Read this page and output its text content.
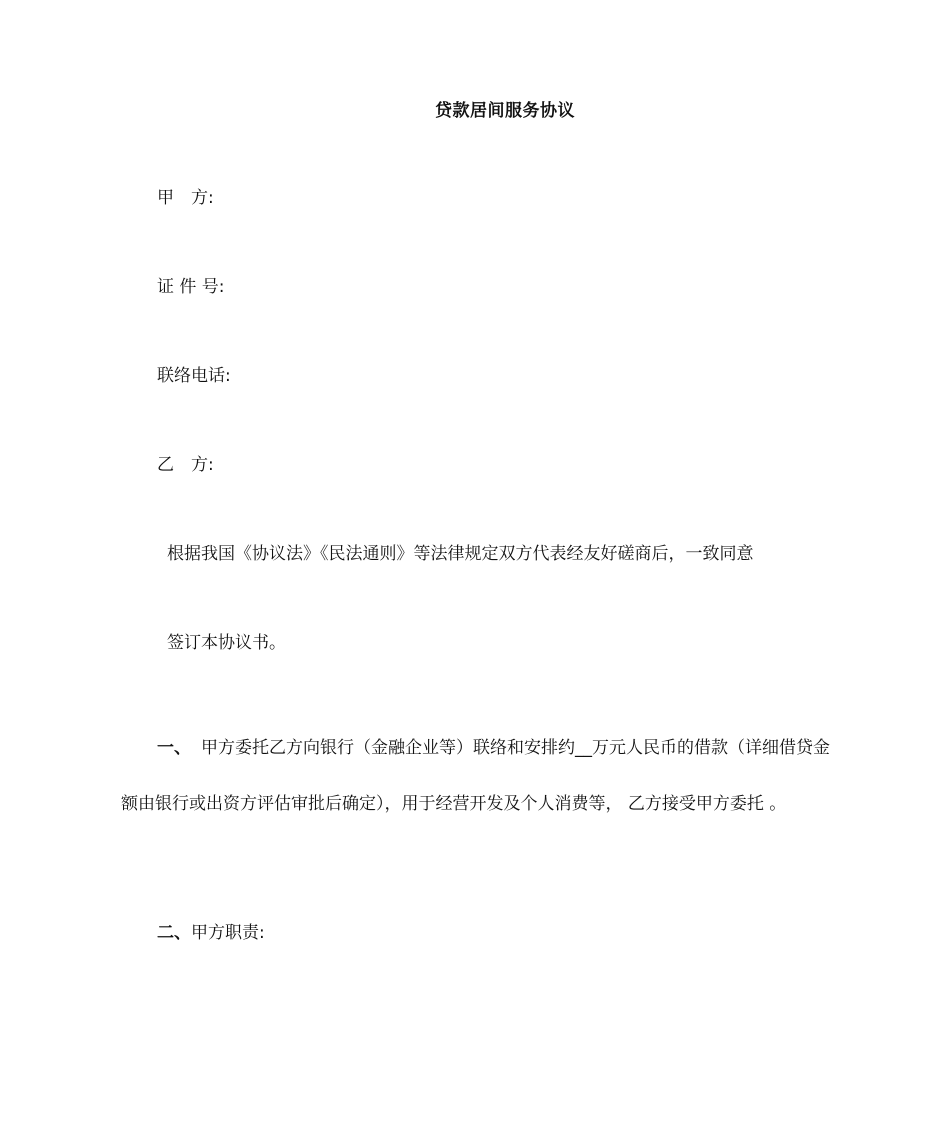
贷款居间服务协议
甲　方:
证 件 号:
联络电话:
乙　方:
根据我国《协议法》《民法通则》等法律规定双方代表经友好磋商后，一致同意
签订本协议书。

一、 甲方委托乙方向银行（金融企业等）联络和安排约__万元人民币的借款（详细借贷金额由银行或出资方评估审批后确定），用于经营开发及个人消费等， 乙方接受甲方委托 。

二、甲方职责:
